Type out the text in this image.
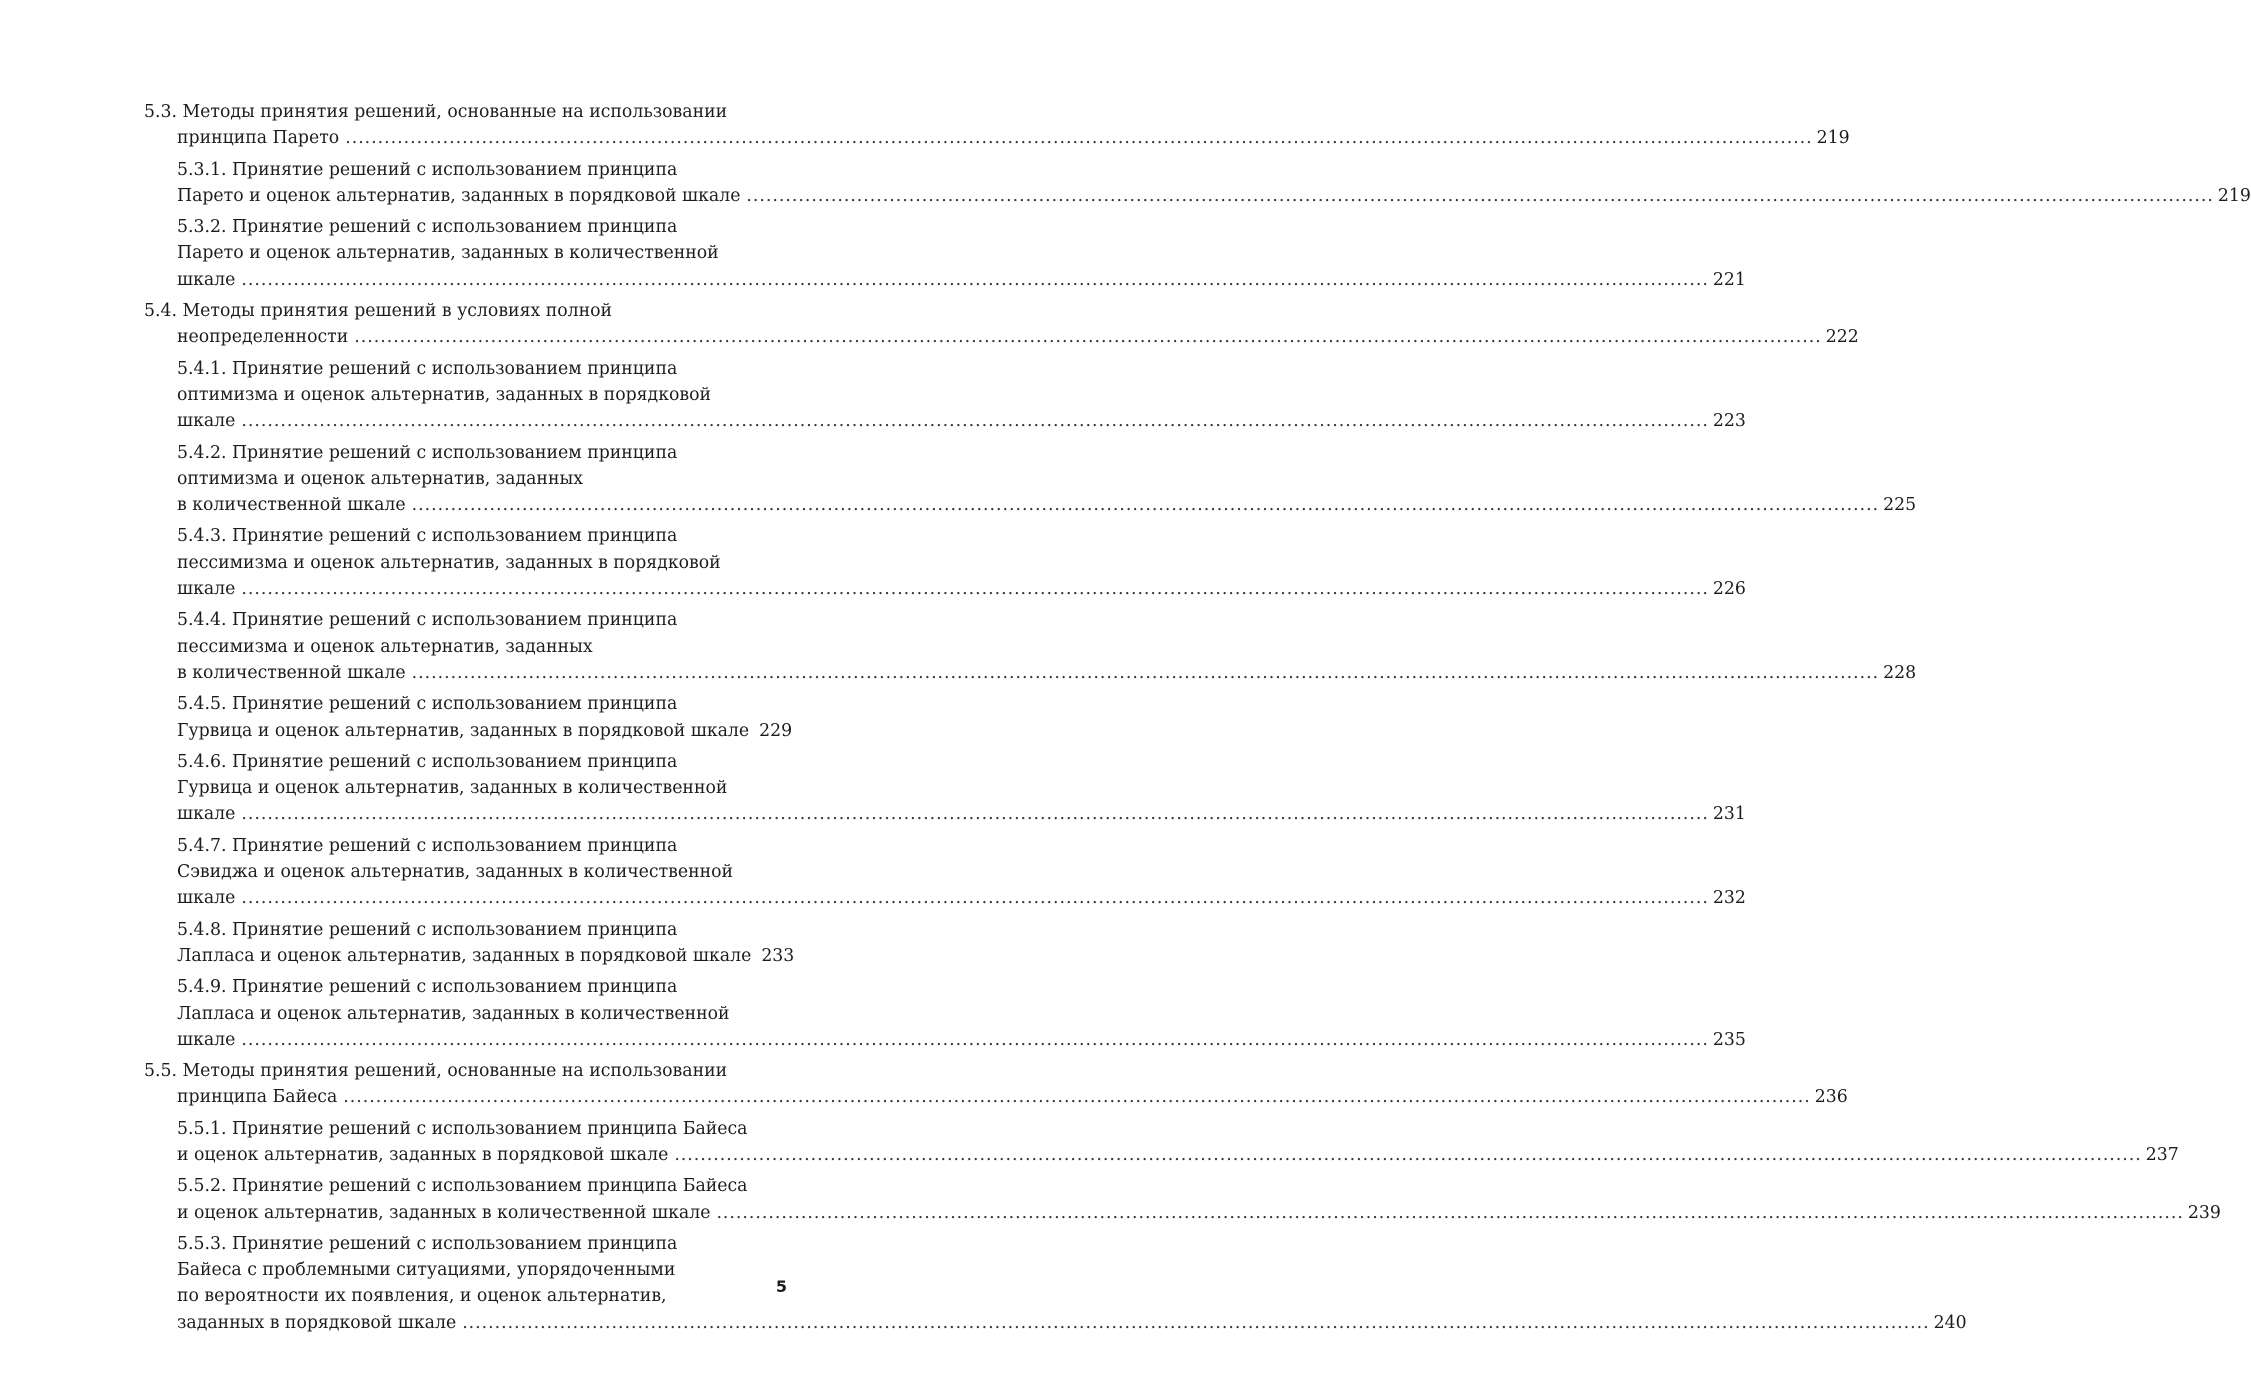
5.3. Методы принятия решений, основанные на использовании
принципа Парето .....	219
5.3.1. Принятие решений с использованием принципа
Парето и оценок альтернатив, заданных в порядковой шкале .....	219
5.3.2. Принятие решений с использованием принципа
Парето и оценок альтернатив, заданных в количественной
шкале .....	221
5.4. Методы принятия решений в условиях полной
неопределенности .....	222
5.4.1. Принятие решений с использованием принципа
оптимизма и оценок альтернатив, заданных в порядковой
шкале .....	223
5.4.2. Принятие решений с использованием принципа
оптимизма и оценок альтернатив, заданных
в количественной шкале .....	225
5.4.3. Принятие решений с использованием принципа
пессимизма и оценок альтернатив, заданных в порядковой
шкале .....	226
5.4.4. Принятие решений с использованием принципа
пессимизма и оценок альтернатив, заданных
в количественной шкале .....	228
5.4.5. Принятие решений с использованием принципа
Гурвица и оценок альтернатив, заданных в порядковой шкале 229
5.4.6. Принятие решений с использованием принципа
Гурвица и оценок альтернатив, заданных в количественной
шкале .....	231
5.4.7. Принятие решений с использованием принципа
Сэвиджа и оценок альтернатив, заданных в количественной
шкале .....	232
5.4.8. Принятие решений с использованием принципа
Лапласа и оценок альтернатив, заданных в порядковой шкале 233
5.4.9. Принятие решений с использованием принципа
Лапласа и оценок альтернатив, заданных в количественной
шкале .....	235
5.5. Методы принятия решений, основанные на использовании
принципа Байеса .....	236
5.5.1. Принятие решений с использованием принципа Байеса
и оценок альтернатив, заданных в порядковой шкале .....	237
5.5.2. Принятие решений с использованием принципа Байеса
и оценок альтернатив, заданных в количественной шкале .....	239
5.5.3. Принятие решений с использованием принципа
Байеса с проблемными ситуациями, упорядоченными
по вероятности их появления, и оценок альтернатив,
заданных в порядковой шкале .....	240
5
